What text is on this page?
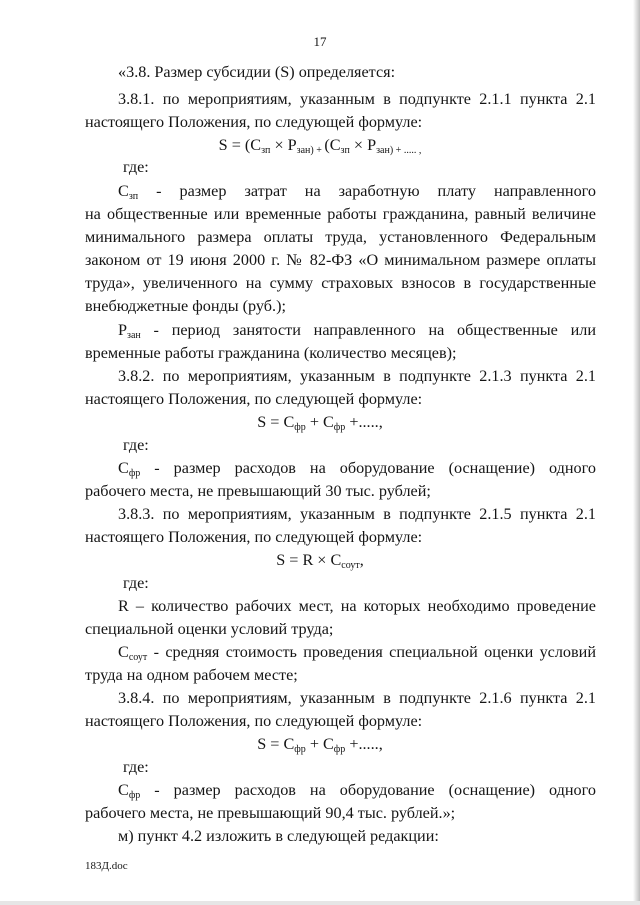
17
«3.8. Размер субсидии (S) определяется:
3.8.1. по мероприятиям, указанным в подпункте 2.1.1 пункта 2.1
настоящего Положения, по следующей формуле:
$S = (С_{зп} \times Р_{зан)}$ $_+$ ($С_{зп} \times Р_{зан)}$ $_+$ $_{..... ,}$
где:
$С_{зп}$ - размер затрат на заработную плату направленного
на общественные или временные работы гражданина, равный величине
минимального размера оплаты труда, установленного Федеральным
законом от 19 июня 2000 г. № 82-ФЗ «О минимальном размере оплаты
труда», увеличенного на сумму страховых взносов в государственные
внебюджетные фонды (руб.);
$Р_{зан}$ - период занятости направленного на общественные или
временные работы гражданина (количество месяцев);
3.8.2. по мероприятиям, указанным в подпункте 2.1.3 пункта 2.1
настоящего Положения, по следующей формуле:
$S = С_{фр} + С_{фр}$ +.....,
где:
$С_{фр}$ - размер расходов на оборудование (оснащение) одного
рабочего места, не превышающий 30 тыс. рублей;
3.8.3. по мероприятиям, указанным в подпункте 2.1.5 пункта 2.1
настоящего Положения, по следующей формуле:
$S = R \times С_{соут}$,
где:
R – количество рабочих мест, на которых необходимо проведение
специальной оценки условий труда;
$С_{соут}$ - средняя стоимость проведения специальной оценки условий
труда на одном рабочем месте;
3.8.4. по мероприятиям, указанным в подпункте 2.1.6 пункта 2.1
настоящего Положения, по следующей формуле:
$S = С_{фр} + С_{фр}$ +.....,
где:
$С_{фр}$ - размер расходов на оборудование (оснащение) одного
рабочего места, не превышающий 90,4 тыс. рублей.»;
м) пункт 4.2 изложить в следующей редакции:
183Д.doc
